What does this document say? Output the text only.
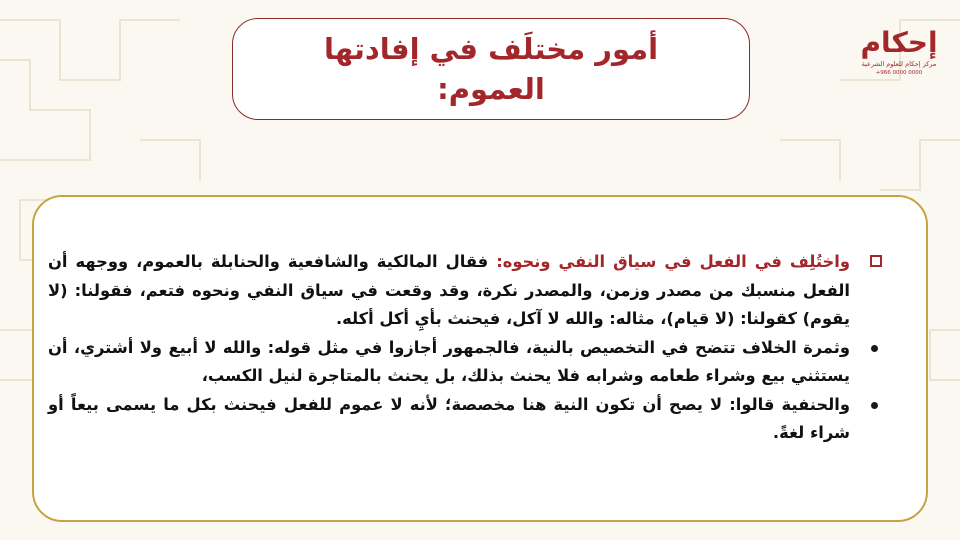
إحكام
مركز إحكام للعلوم الشرعية
+966 0000 0000
أمور مختلَف في إفادتها
العموم:
واختُلِف في الفعل في سياق النفي ونحوه: فقال المالكية والشافعية والحنابلة بالعموم، ووجهه أن الفعل منسبك من مصدر وزمن، والمصدر نكرة، وقد وقعت في سياق النفي ونحوه فتعم، فقولنا: (لا يقوم) كقولنا: (لا قيام)، مثاله: والله لا آكل، فيحنث بأيِ أكل أكله.
وثمرة الخلاف تتضح في التخصيص بالنية، فالجمهور أجازوا في مثل قوله: والله لا أبيع ولا أشتري، أن يستثني بيع وشراء طعامه وشرابه فلا يحنث بذلك، بل يحنث بالمتاجرة لنيل الكسب،
والحنفية قالوا: لا يصح أن تكون النية هنا مخصصة؛ لأنه لا عموم للفعل فيحنث بكل ما يسمى بيعاً أو شراء لغةً.
